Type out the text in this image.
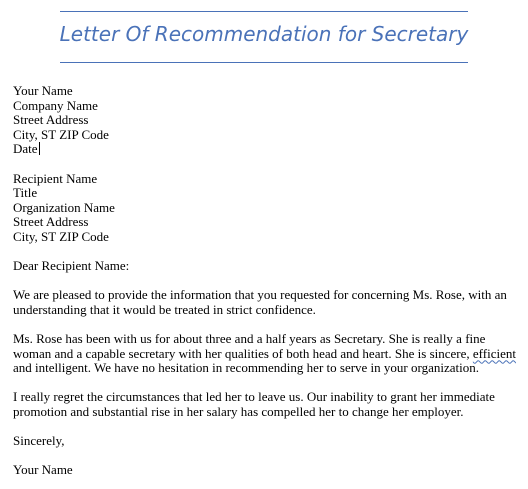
Letter Of Recommendation for Secretary
Your Name
Company Name
Street Address
City, ST ZIP Code
Date
Recipient Name
Title
Organization Name
Street Address
City, ST ZIP Code
Dear Recipient Name:
We are pleased to provide the information that you requested for concerning Ms. Rose, with an
understanding that it would be treated in strict confidence.
Ms. Rose has been with us for about three and a half years as Secretary. She is really a fine
woman and a capable secretary with her qualities of both head and heart. She is sincere, efficient
and intelligent. We have no hesitation in recommending her to serve in your organization.
I really regret the circumstances that led her to leave us. Our inability to grant her immediate
promotion and substantial rise in her salary has compelled her to change her employer.
Sincerely,
Your Name
